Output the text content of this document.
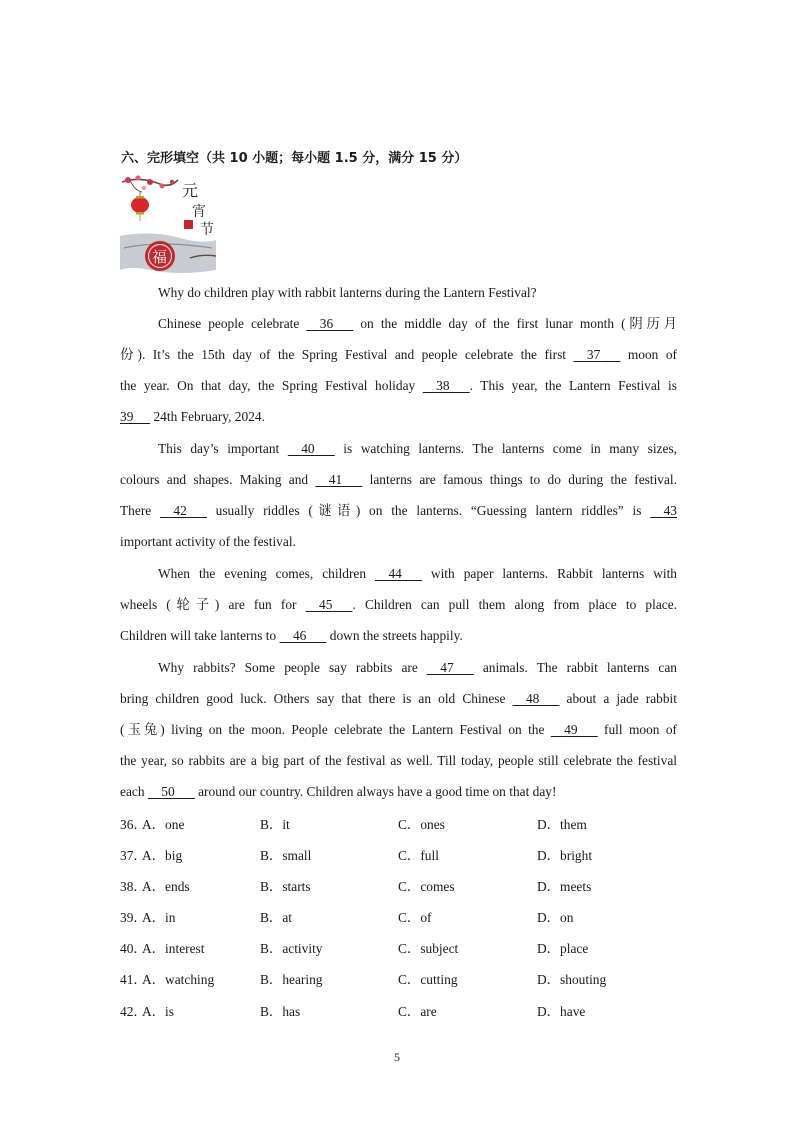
六、完形填空（共 10 小题；每小题 1.5 分，满分 15 分）
元
宵
节
福
Why do children play with rabbit lanterns during the Lantern Festival?
Chinese people celebrate     36       on the middle day of the first lunar month (阴历月
份). It’s the 15th day of the Spring Festival and people celebrate the first     37       moon of
the year. On that day, the Spring Festival holiday     38 . This year, the Lantern Festival is
39      24th February, 2024.
This day’s important     40       is watching lanterns. The lanterns come in many sizes,
colours and shapes. Making and     41       lanterns are famous things to do during the festival.
There     42       usually riddles (谜语) on the lanterns. “Guessing lantern riddles” is     43
important activity of the festival.
When the evening comes, children     44       with paper lanterns. Rabbit lanterns with
wheels (轮子) are fun for     45 . Children can pull them along from place to place.
Children will take lanterns to     46       down the streets happily.
Why rabbits? Some people say rabbits are     47       animals. The rabbit lanterns can
bring children good luck. Others say that there is an old Chinese     48       about a jade rabbit
(玉兔) living on the moon. People celebrate the Lantern Festival on the     49       full moon of
the year, so rabbits are a big part of the festival as well. Till today, people still celebrate the festival
each     50       around our country. Children always have a good time on that day!
36．
A．one	B．it	C．ones	D．them
37．
A．big	B．small	C．full	D．bright
38．
A．ends	B．starts	C．comes	D．meets
39．
A．in	B．at	C．of	D．on
40．
A．interest	B．activity	C．subject	D．place
41．
A．watching	B．hearing	C．cutting	D．shouting
42．
A．is	B．has	C．are	D．have
5
